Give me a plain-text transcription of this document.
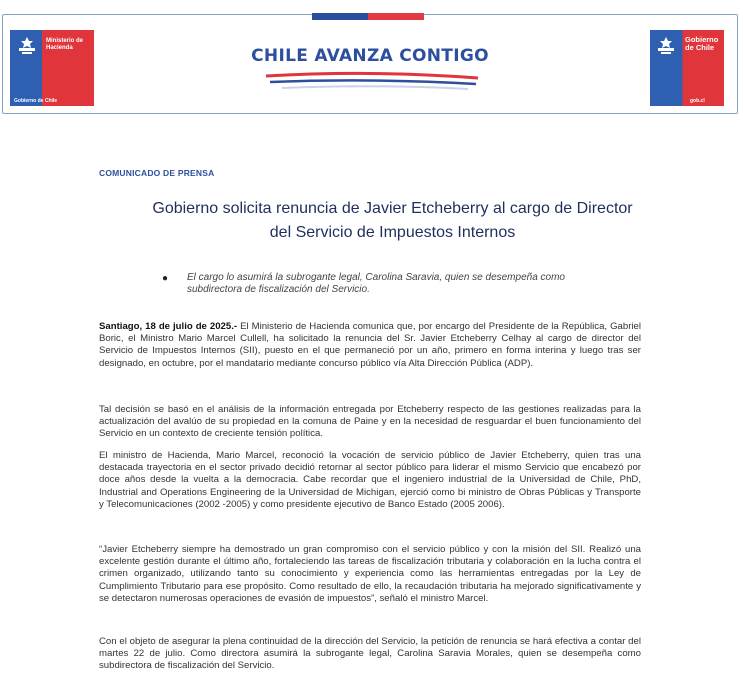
Ministerio de
Hacienda
Gobierno de Chile
CHILE AVANZA CONTIGO
Gobierno
de Chile
gob.cl
COMUNICADO DE PRENSA
Gobierno solicita renuncia de Javier Etcheberry al cargo de Director
del Servicio de Impuestos Internos
● El cargo lo asumirá la subrogante legal, Carolina Saravia, quien se desempeña como
subdirectora de fiscalización del Servicio.
Santiago, 18 de julio de 2025.- El Ministerio de Hacienda comunica que, por encargo del Presidente de la República, Gabriel Boric, el Ministro Mario Marcel Cullell, ha solicitado la renuncia del Sr. Javier Etcheberry Celhay al cargo de director del Servicio de Impuestos Internos (SII), puesto en el que permaneció por un año, primero en forma interina y luego tras ser designado, en octubre, por el mandatario mediante concurso público vía Alta Dirección Pública (ADP).
Tal decisión se basó en el análisis de la información entregada por Etcheberry respecto de las gestiones realizadas para la actualización del avalúo de su propiedad en la comuna de Paine y en la necesidad de resguardar el buen funcionamiento del Servicio en un contexto de creciente tensión política.
El ministro de Hacienda, Mario Marcel, reconoció la vocación de servicio público de Javier Etcheberry, quien tras una destacada trayectoria en el sector privado decidió retornar al sector público para liderar el mismo Servicio que encabezó por doce años desde la vuelta a la democracia. Cabe recordar que el ingeniero industrial de la Universidad de Chile, PhD, Industrial and Operations Engineering de la Universidad de Michigan, ejerció como bi ministro de Obras Públicas y Transporte y Telecomunicaciones (2002 -2005) y como presidente ejecutivo de Banco Estado (2005 2006).
“Javier Etcheberry siempre ha demostrado un gran compromiso con el servicio público y con la misión del SII. Realizó una excelente gestión durante el último año, fortaleciendo las tareas de fiscalización tributaria y colaboración en la lucha contra el crimen organizado, utilizando tanto su conocimiento y experiencia como las herramientas entregadas por la Ley de Cumplimiento Tributario para ese propósito. Como resultado de ello, la recaudación tributaria ha mejorado significativamente y se detectaron numerosas operaciones de evasión de impuestos”, señaló el ministro Marcel.
Con el objeto de asegurar la plena continuidad de la dirección del Servicio, la petición de renuncia se hará efectiva a contar del martes 22 de julio. Como directora asumirá la subrogante legal, Carolina Saravia Morales, quien se desempeña como subdirectora de fiscalización del Servicio.
